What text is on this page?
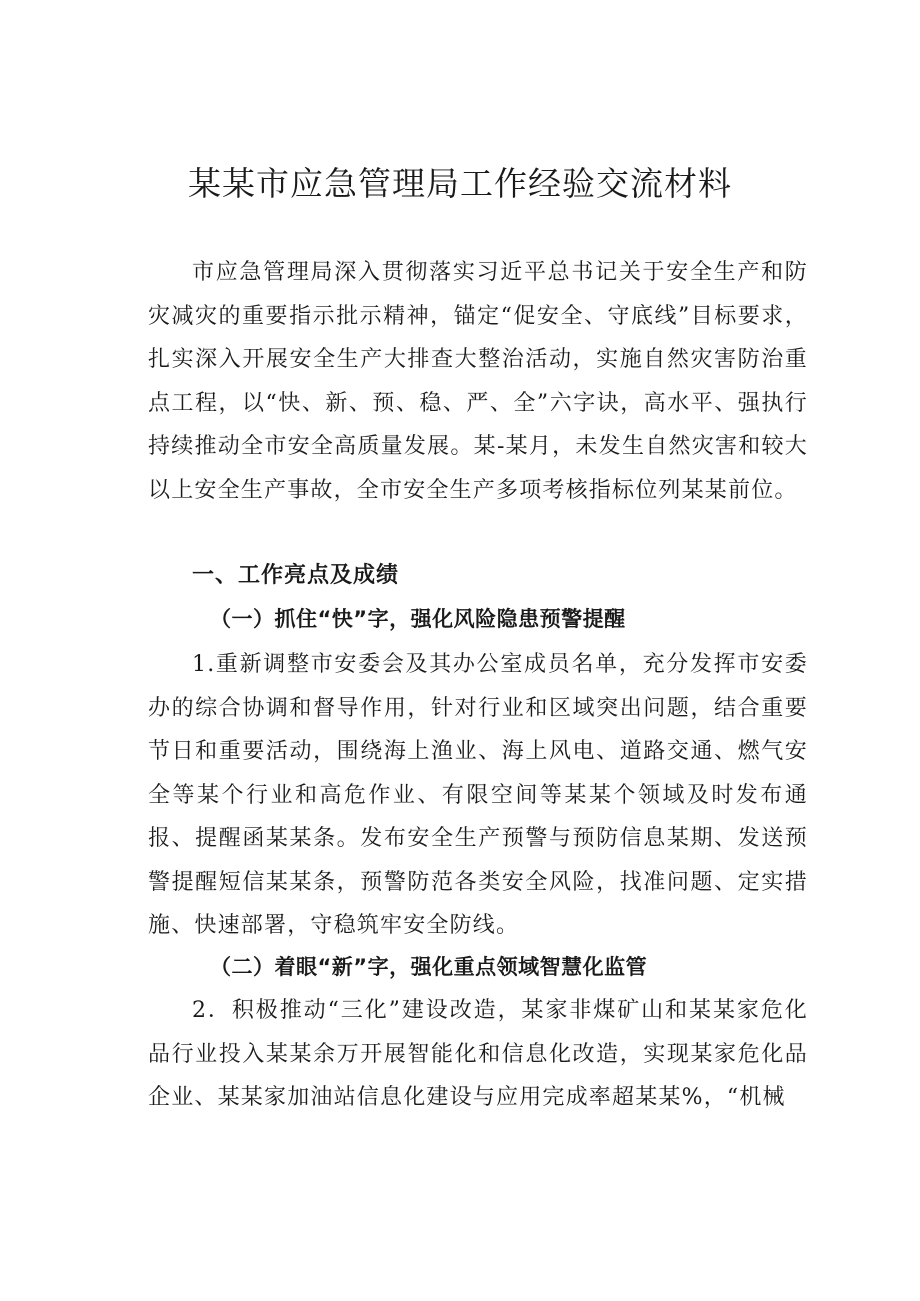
某某市应急管理局工作经验交流材料

市应急管理局深入贯彻落实习近平总书记关于安全生产和防灾减灾的重要指示批示精神，锚定“促安全、守底线”目标要求，扎实深入开展安全生产大排查大整治活动，实施自然灾害防治重点工程，以“快、新、预、稳、严、全”六字诀，高水平、强执行持续推动全市安全高质量发展。某-某月，未发生自然灾害和较大以上安全生产事故，全市安全生产多项考核指标位列某某前位。

一、工作亮点及成绩
（一）抓住“快”字，强化风险隐患预警提醒

1.重新调整市安委会及其办公室成员名单，充分发挥市安委办的综合协调和督导作用，针对行业和区域突出问题，结合重要节日和重要活动，围绕海上渔业、海上风电、道路交通、燃气安全等某个行业和高危作业、有限空间等某某个领域及时发布通报、提醒函某某条。发布安全生产预警与预防信息某期、发送预警提醒短信某某条，预警防范各类安全风险，找准问题、定实措施、快速部署，守稳筑牢安全防线。

（二）着眼“新”字，强化重点领域智慧化监管

2．积极推动“三化”建设改造，某家非煤矿山和某某家危化品行业投入某某余万开展智能化和信息化改造，实现某家危化品企业、某某家加油站信息化建设与应用完成率超某某%，“机械
